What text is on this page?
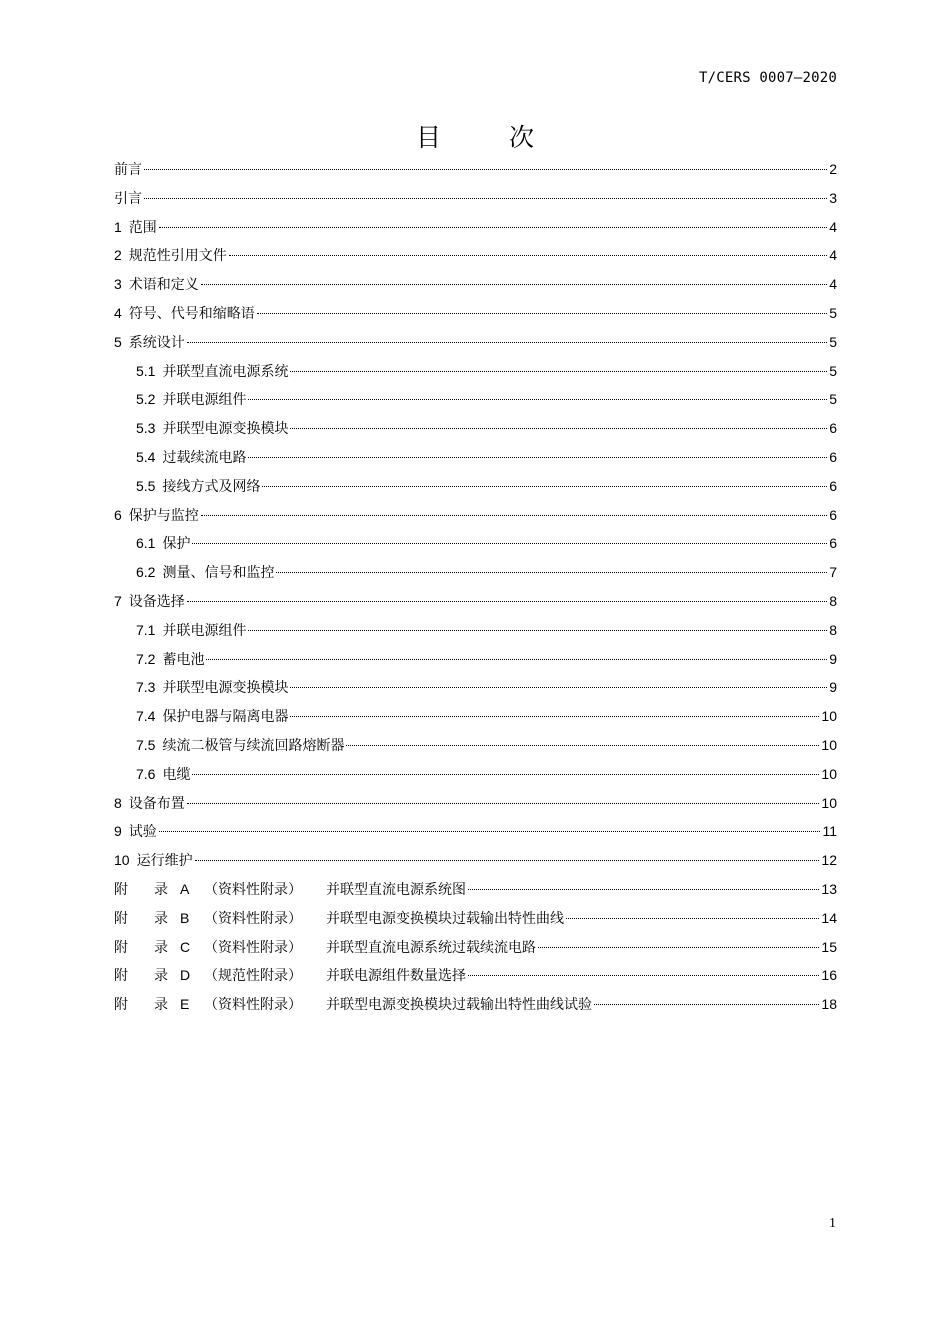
T/CERS 0007—2020
目 次
前言	2
引言	3
1 范围	4
2 规范性引用文件	4
3 术语和定义	4
4 符号、代号和缩略语	5
5 系统设计	5
5.1 并联型直流电源系统	5
5.2 并联电源组件	5
5.3 并联型电源变换模块	6
5.4 过载续流电路	6
5.5 接线方式及网络	6
6 保护与监控	6
6.1 保护	6
6.2 测量、信号和监控	7
7 设备选择	8
7.1 并联电源组件	8
7.2 蓄电池	9
7.3 并联型电源变换模块	9
7.4 保护电器与隔离电器	10
7.5 续流二极管与续流回路熔断器	10
7.6 电缆	10
8 设备布置	10
9 试验	11
10 运行维护	12
附	录 A	（资料性附录）	并联型直流电源系统图	13
附	录 B	（资料性附录）	并联型电源变换模块过载输出特性曲线	14
附	录 C （资料性附录）	并联型直流电源系统过载续流电路	15
附	录 D （规范性附录）	并联电源组件数量选择	16
附	录 E	（资料性附录）	并联型电源变换模块过载输出特性曲线试验	18
1
